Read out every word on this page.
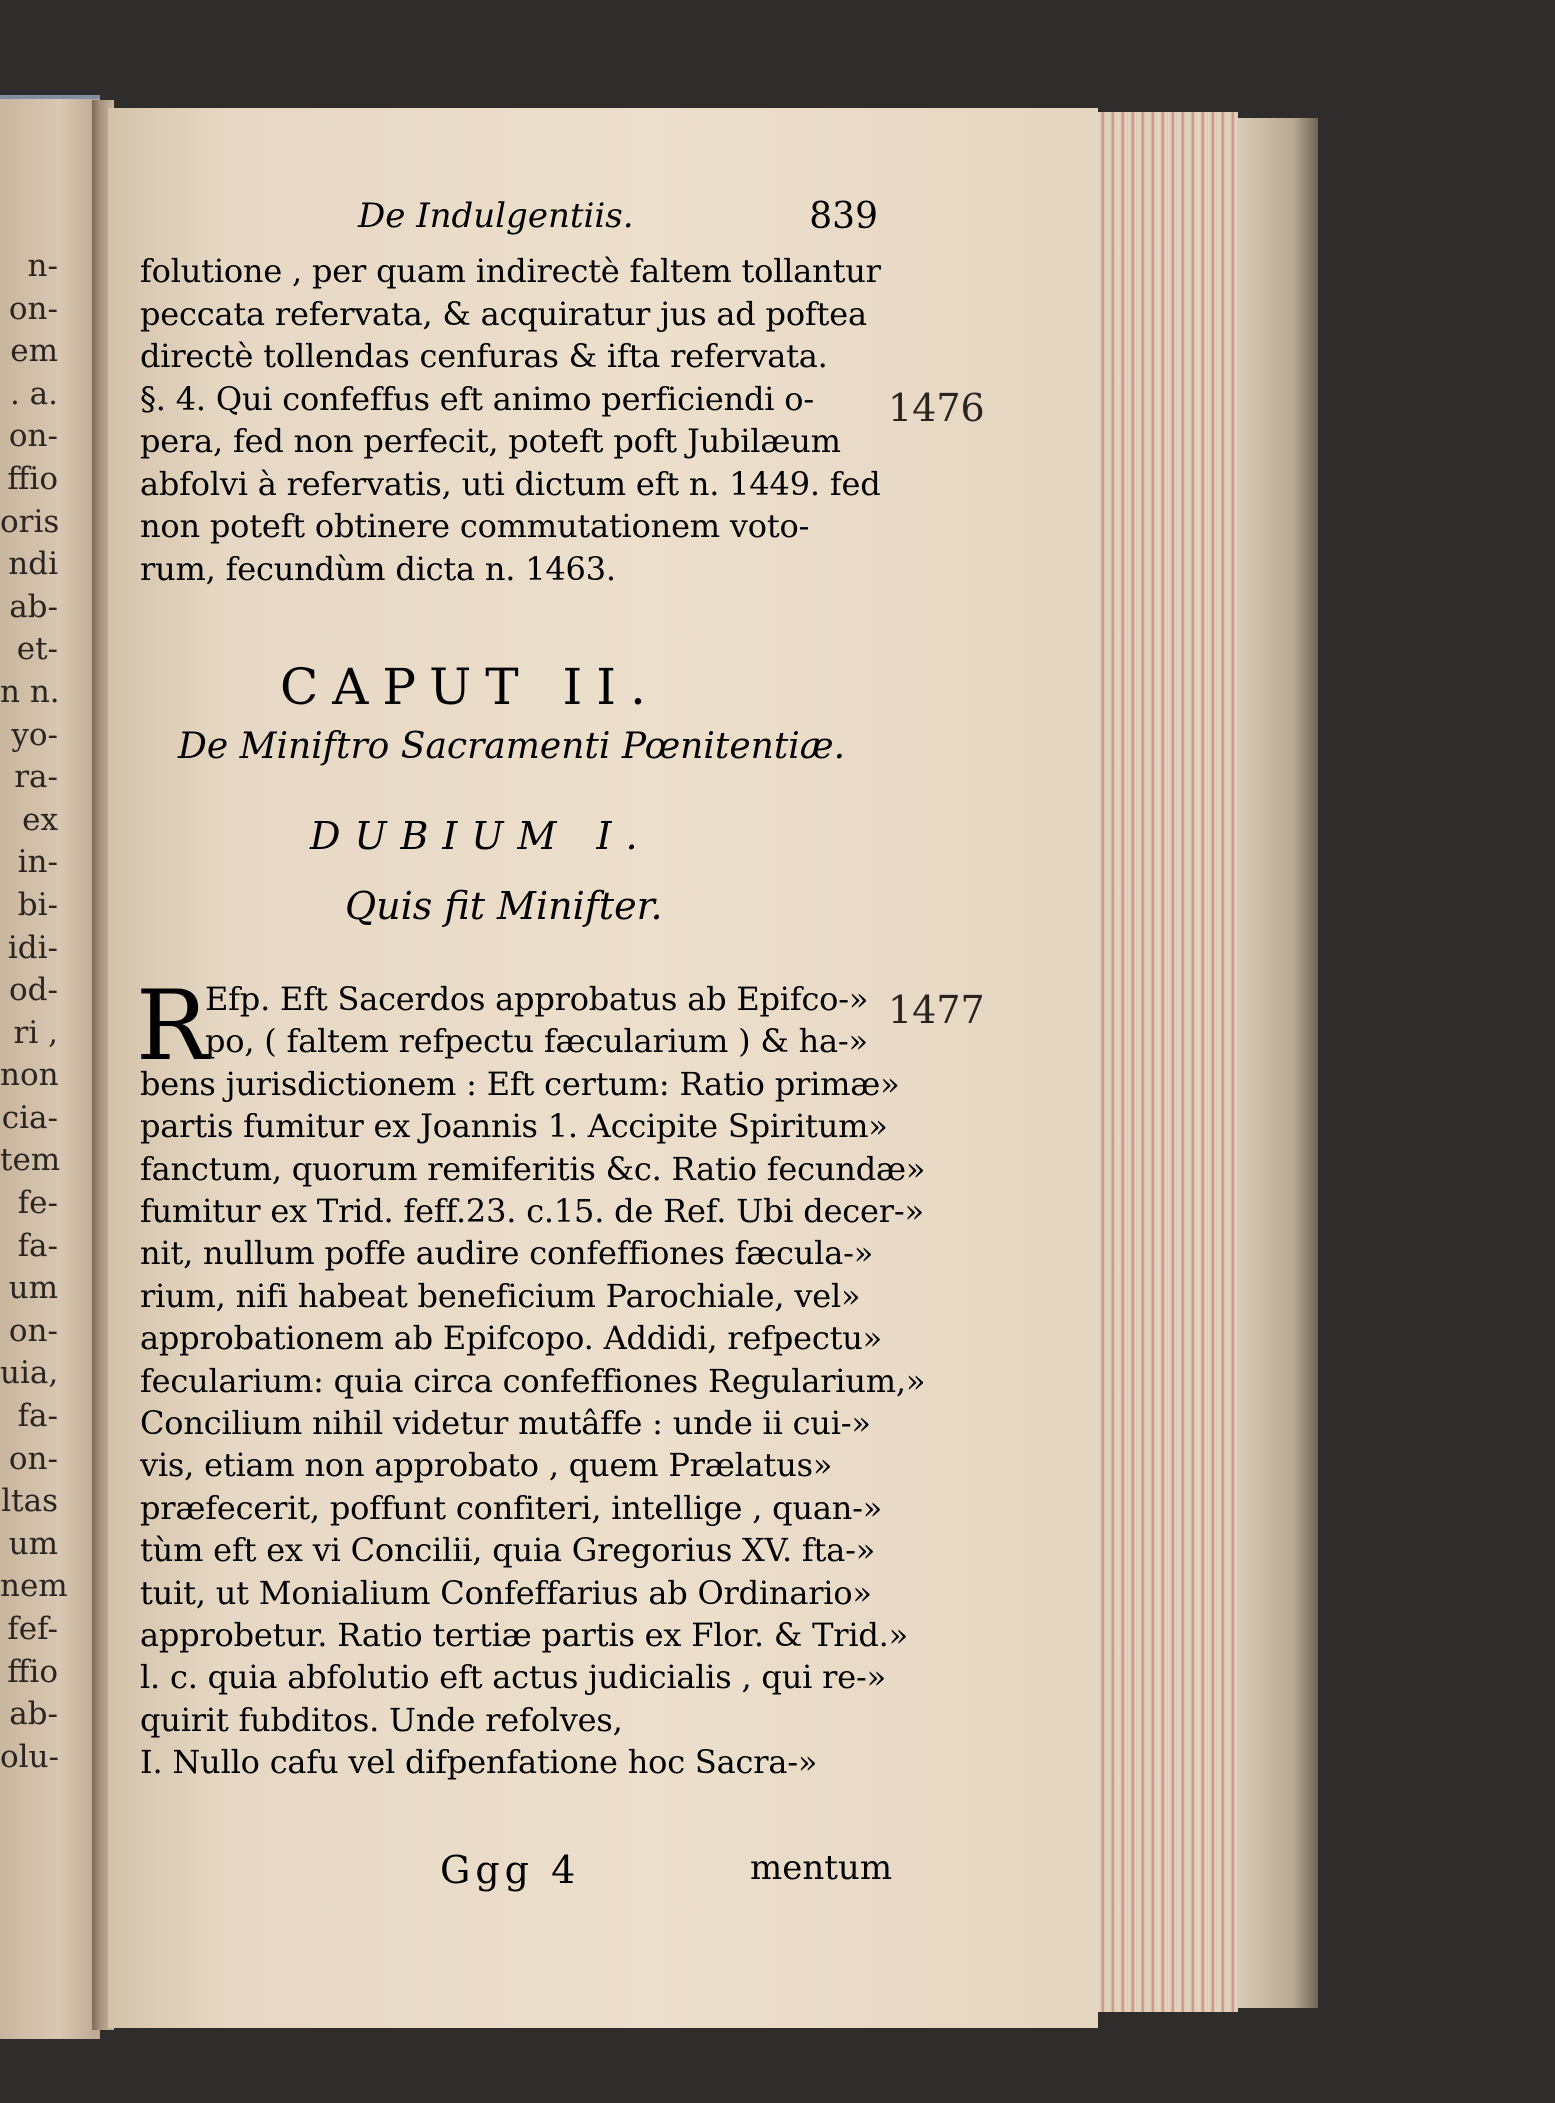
n-
on-
em
. a.
on-
ffio
oris
ndi
ab-
et-
n n.
yo-
ra-
ex
in-
bi-
idi-
od-
ri ,
non
cia-
tem
fe-
fa-
um
on-
uia,
fa-
on-
ltas
um
nem
fef-
ffio
ab-
olu-
De Indulgentiis.	839
folutione , per quam indirectè faltem tollantur
peccata refervata, & acquiratur jus ad poftea
directè tollendas cenfuras & ifta refervata.
§. 4. Qui confeffus eft animo perficiendi o-
pera, fed non perfecit, poteft poft Jubilæum
abfolvi à refervatis, uti dictum eft n. 1449. fed
non poteft obtinere commutationem voto-
rum, fecundùm dicta n. 1463.
1476
1477
CAPUT II.
De Miniftro Sacramenti Pœnitentiæ.
DUBIUM I.
Quis fit Minifter.
R
Efp. Eft Sacerdos approbatus ab Epifco-»
po, ( faltem refpectu fæcularium ) & ha-»
bens jurisdictionem : Eft certum: Ratio primæ»
partis fumitur ex Joannis 1. Accipite Spiritum»
fanctum, quorum remiferitis &c. Ratio fecundæ»
fumitur ex Trid. feff.23. c.15. de Ref. Ubi decer-»
nit, nullum poffe audire confeffiones fæcula-»
rium, nifi habeat beneficium Parochiale, vel»
approbationem ab Epifcopo. Addidi, refpectu»
fecularium: quia circa confeffiones Regularium,»
Concilium nihil videtur mutâffe : unde ii cui-»
vis, etiam non approbato , quem Prælatus»
præfecerit, poffunt confiteri, intellige , quan-»
tùm eft ex vi Concilii, quia Gregorius XV. fta-»
tuit, ut Monialium Confeffarius ab Ordinario»
approbetur. Ratio tertiæ partis ex Flor. & Trid.»
l. c. quia abfolutio eft actus judicialis , qui re-»
quirit fubditos. Unde refolves,
I. Nullo cafu vel difpenfatione hoc Sacra-»
Ggg 4	mentum
